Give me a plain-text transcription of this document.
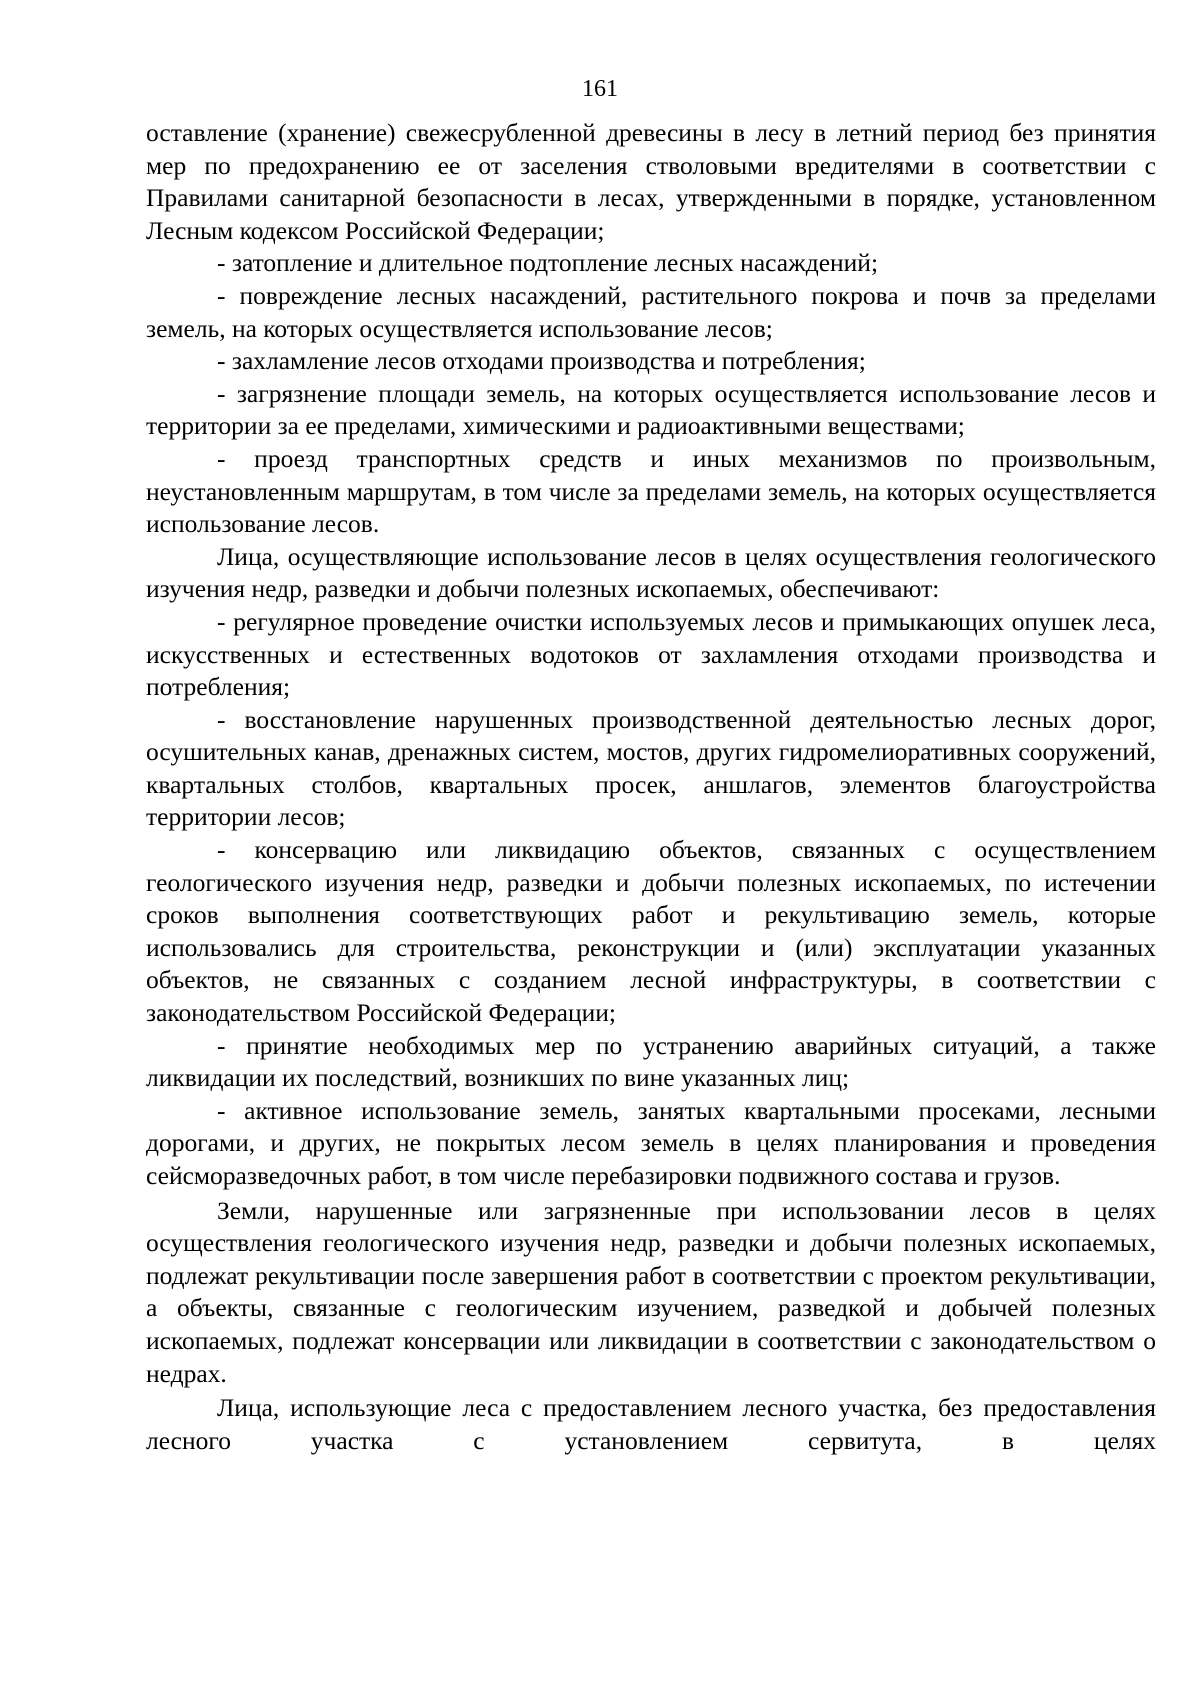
161

оставление (хранение) свежесрубленной древесины в лесу в летний период без принятия мер по предохранению ее от заселения стволовыми вредителями в соответствии с Правилами санитарной безопасности в лесах, утвержденными в порядке, установленном Лесным кодексом Российской Федерации;

- затопление и длительное подтопление лесных насаждений;

- повреждение лесных насаждений, растительного покрова и почв за пределами земель, на которых осуществляется использование лесов;

- захламление лесов отходами производства и потребления;

- загрязнение площади земель, на которых осуществляется использование лесов и территории за ее пределами, химическими и радиоактивными веществами;

- проезд транспортных средств и иных механизмов по произвольным, неустановленным маршрутам, в том числе за пределами земель, на которых осуществляется использование лесов.

Лица, осуществляющие использование лесов в целях осуществления геологического изучения недр, разведки и добычи полезных ископаемых, обеспечивают:

- регулярное проведение очистки используемых лесов и примыкающих опушек леса, искусственных и естественных водотоков от захламления отходами производства и потребления;

- восстановление нарушенных производственной деятельностью лесных дорог, осушительных канав, дренажных систем, мостов, других гидромелиоративных сооружений, квартальных столбов, квартальных просек, аншлагов, элементов благоустройства территории лесов;

- консервацию или ликвидацию объектов, связанных с осуществлением геологического изучения недр, разведки и добычи полезных ископаемых, по истечении сроков выполнения соответствующих работ и рекультивацию земель, которые использовались для строительства, реконструкции и (или) эксплуатации указанных объектов, не связанных с созданием лесной инфраструктуры, в соответствии с законодательством Российской Федерации;

- принятие необходимых мер по устранению аварийных ситуаций, а также ликвидации их последствий, возникших по вине указанных лиц;

- активное использование земель, занятых квартальными просеками, лесными дорогами, и других, не покрытых лесом земель в целях планирования и проведения сейсморазведочных работ, в том числе перебазировки подвижного состава и грузов.

Земли, нарушенные или загрязненные при использовании лесов в целях осуществления геологического изучения недр, разведки и добычи полезных ископаемых, подлежат рекультивации после завершения работ в соответствии с проектом рекультивации, а объекты, связанные с геологическим изучением, разведкой и добычей полезных ископаемых, подлежат консервации или ликвидации в соответствии с законодательством о недрах.

Лица, использующие леса с предоставлением лесного участка, без предоставления лесного участка с установлением сервитута, в целях
